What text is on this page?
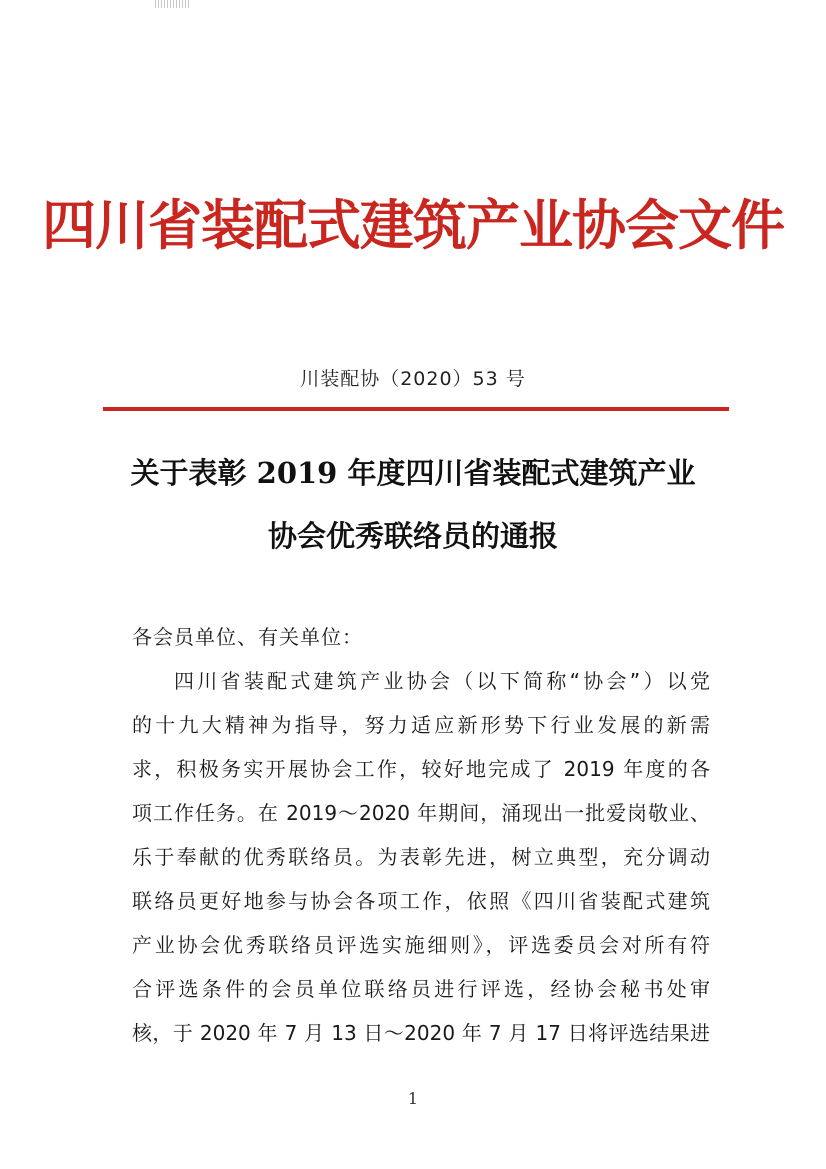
四川省装配式建筑产业协会文件
川装配协（2020）53 号
关于表彰 2019 年度四川省装配式建筑产业
协会优秀联络员的通报
各会员单位、有关单位：
四川省装配式建筑产业协会（以下简称“协会”）以党
的十九大精神为指导，努力适应新形势下行业发展的新需
求，积极务实开展协会工作，较好地完成了 2019 年度的各
项工作任务。在 2019～2020 年期间，涌现出一批爱岗敬业、
乐于奉献的优秀联络员。为表彰先进，树立典型，充分调动
联络员更好地参与协会各项工作，依照《四川省装配式建筑
产业协会优秀联络员评选实施细则》，评选委员会对所有符
合评选条件的会员单位联络员进行评选，经协会秘书处审
核，于 2020 年 7 月 13 日～2020 年 7 月 17 日将评选结果进
1
